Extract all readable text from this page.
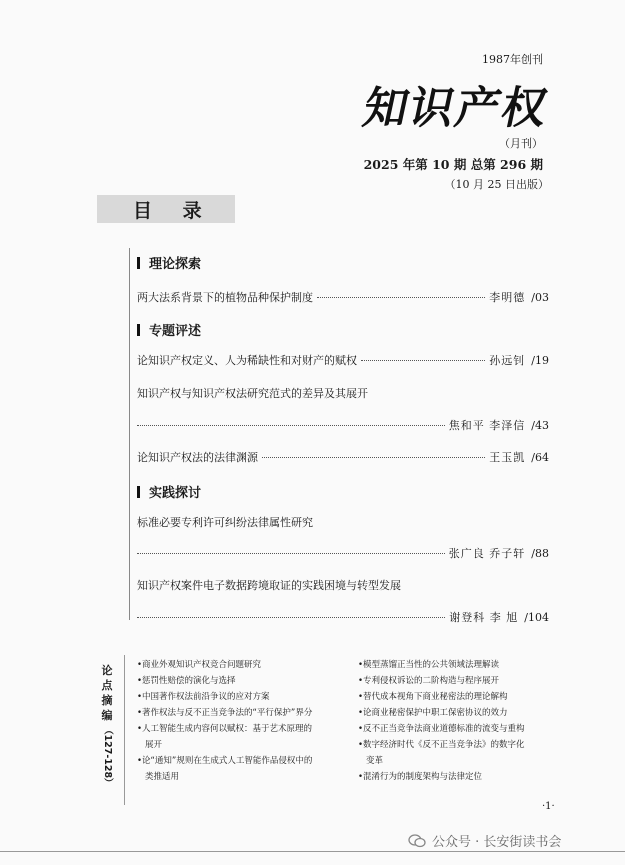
1987年创刊
知识产权
（月刊）
2025 年第 10 期 总第 296 期
（10 月 25 日出版）
目 录
理论探索
专题评述
实践探讨
两大法系背景下的植物品种保护制度	李明德 /03
论知识产权定义、人为稀缺性和对财产的赋权	孙远钊 /19
知识产权与知识产权法研究范式的差异及其展开
焦和平 李泽信 /43
论知识产权法的法律渊源	王玉凯 /64
标准必要专利许可纠纷法律属性研究
张广良 乔子轩 /88
知识产权案件电子数据跨境取证的实践困境与转型发展
谢登科 李 旭 /104
论
点
摘
编
（127-128）
•商业外观知识产权竞合问题研究
•惩罚性赔偿的演化与选择
•中国著作权法前沿争议的应对方案
•著作权法与反不正当竞争法的“平行保护”界分
•人工智能生成内容何以赋权：基于艺术原理的
展开
•论“通知”规则在生成式人工智能作品侵权中的
类推适用
•模型蒸馏正当性的公共领域法理解读
•专利侵权诉讼的二阶构造与程序展开
•替代成本视角下商业秘密法的理论解构
•论商业秘密保护中职工保密协议的效力
•反不正当竞争法商业道德标准的流变与重构
•数字经济时代《反不正当竞争法》的数字化
变革
•混淆行为的制度架构与法律定位
·1·
公众号 · 长安街读书会
